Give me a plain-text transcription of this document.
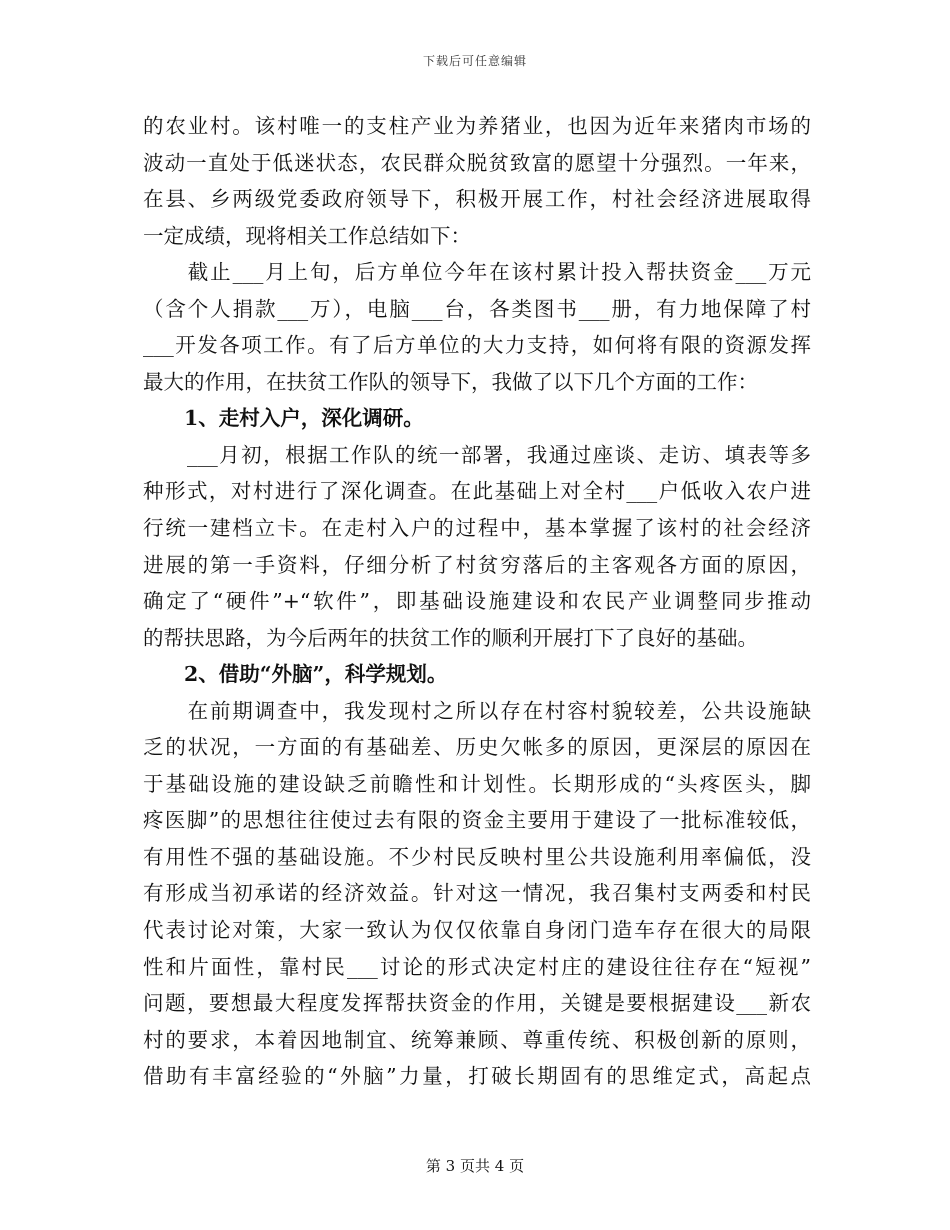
下载后可任意编辑
的农业村。该村唯一的支柱产业为养猪业，也因为近年来猪肉市场的
波动一直处于低迷状态，农民群众脱贫致富的愿望十分强烈。一年来，
在县、乡两级党委政府领导下，积极开展工作，村社会经济进展取得
一定成绩，现将相关工作总结如下：
　　截止___月上旬，后方单位今年在该村累计投入帮扶资金___万元
（含个人捐款___万），电脑___台，各类图书___册，有力地保障了村
___开发各项工作。有了后方单位的大力支持，如何将有限的资源发挥
最大的作用，在扶贫工作队的领导下，我做了以下几个方面的工作：
　　1、走村入户，深化调研。
　　___月初，根据工作队的统一部署，我通过座谈、走访、填表等多
种形式，对村进行了深化调查。在此基础上对全村___户低收入农户进
行统一建档立卡。在走村入户的过程中，基本掌握了该村的社会经济
进展的第一手资料，仔细分析了村贫穷落后的主客观各方面的原因，
确定了“硬件”+“软件”，即基础设施建设和农民产业调整同步推动
的帮扶思路，为今后两年的扶贫工作的顺利开展打下了良好的基础。
　　2、借助“外脑”，科学规划。
　　在前期调查中，我发现村之所以存在村容村貌较差，公共设施缺
乏的状况，一方面的有基础差、历史欠帐多的原因，更深层的原因在
于基础设施的建设缺乏前瞻性和计划性。长期形成的“头疼医头，脚
疼医脚”的思想往往使过去有限的资金主要用于建设了一批标准较低，
有用性不强的基础设施。不少村民反映村里公共设施利用率偏低，没
有形成当初承诺的经济效益。针对这一情况，我召集村支两委和村民
代表讨论对策，大家一致认为仅仅依靠自身闭门造车存在很大的局限
性和片面性，靠村民___讨论的形式决定村庄的建设往往存在“短视”
问题，要想最大程度发挥帮扶资金的作用，关键是要根据建设___新农
村的要求，本着因地制宜、统筹兼顾、尊重传统、积极创新的原则，
借助有丰富经验的“外脑”力量，打破长期固有的思维定式，高起点
第 3 页共 4 页
